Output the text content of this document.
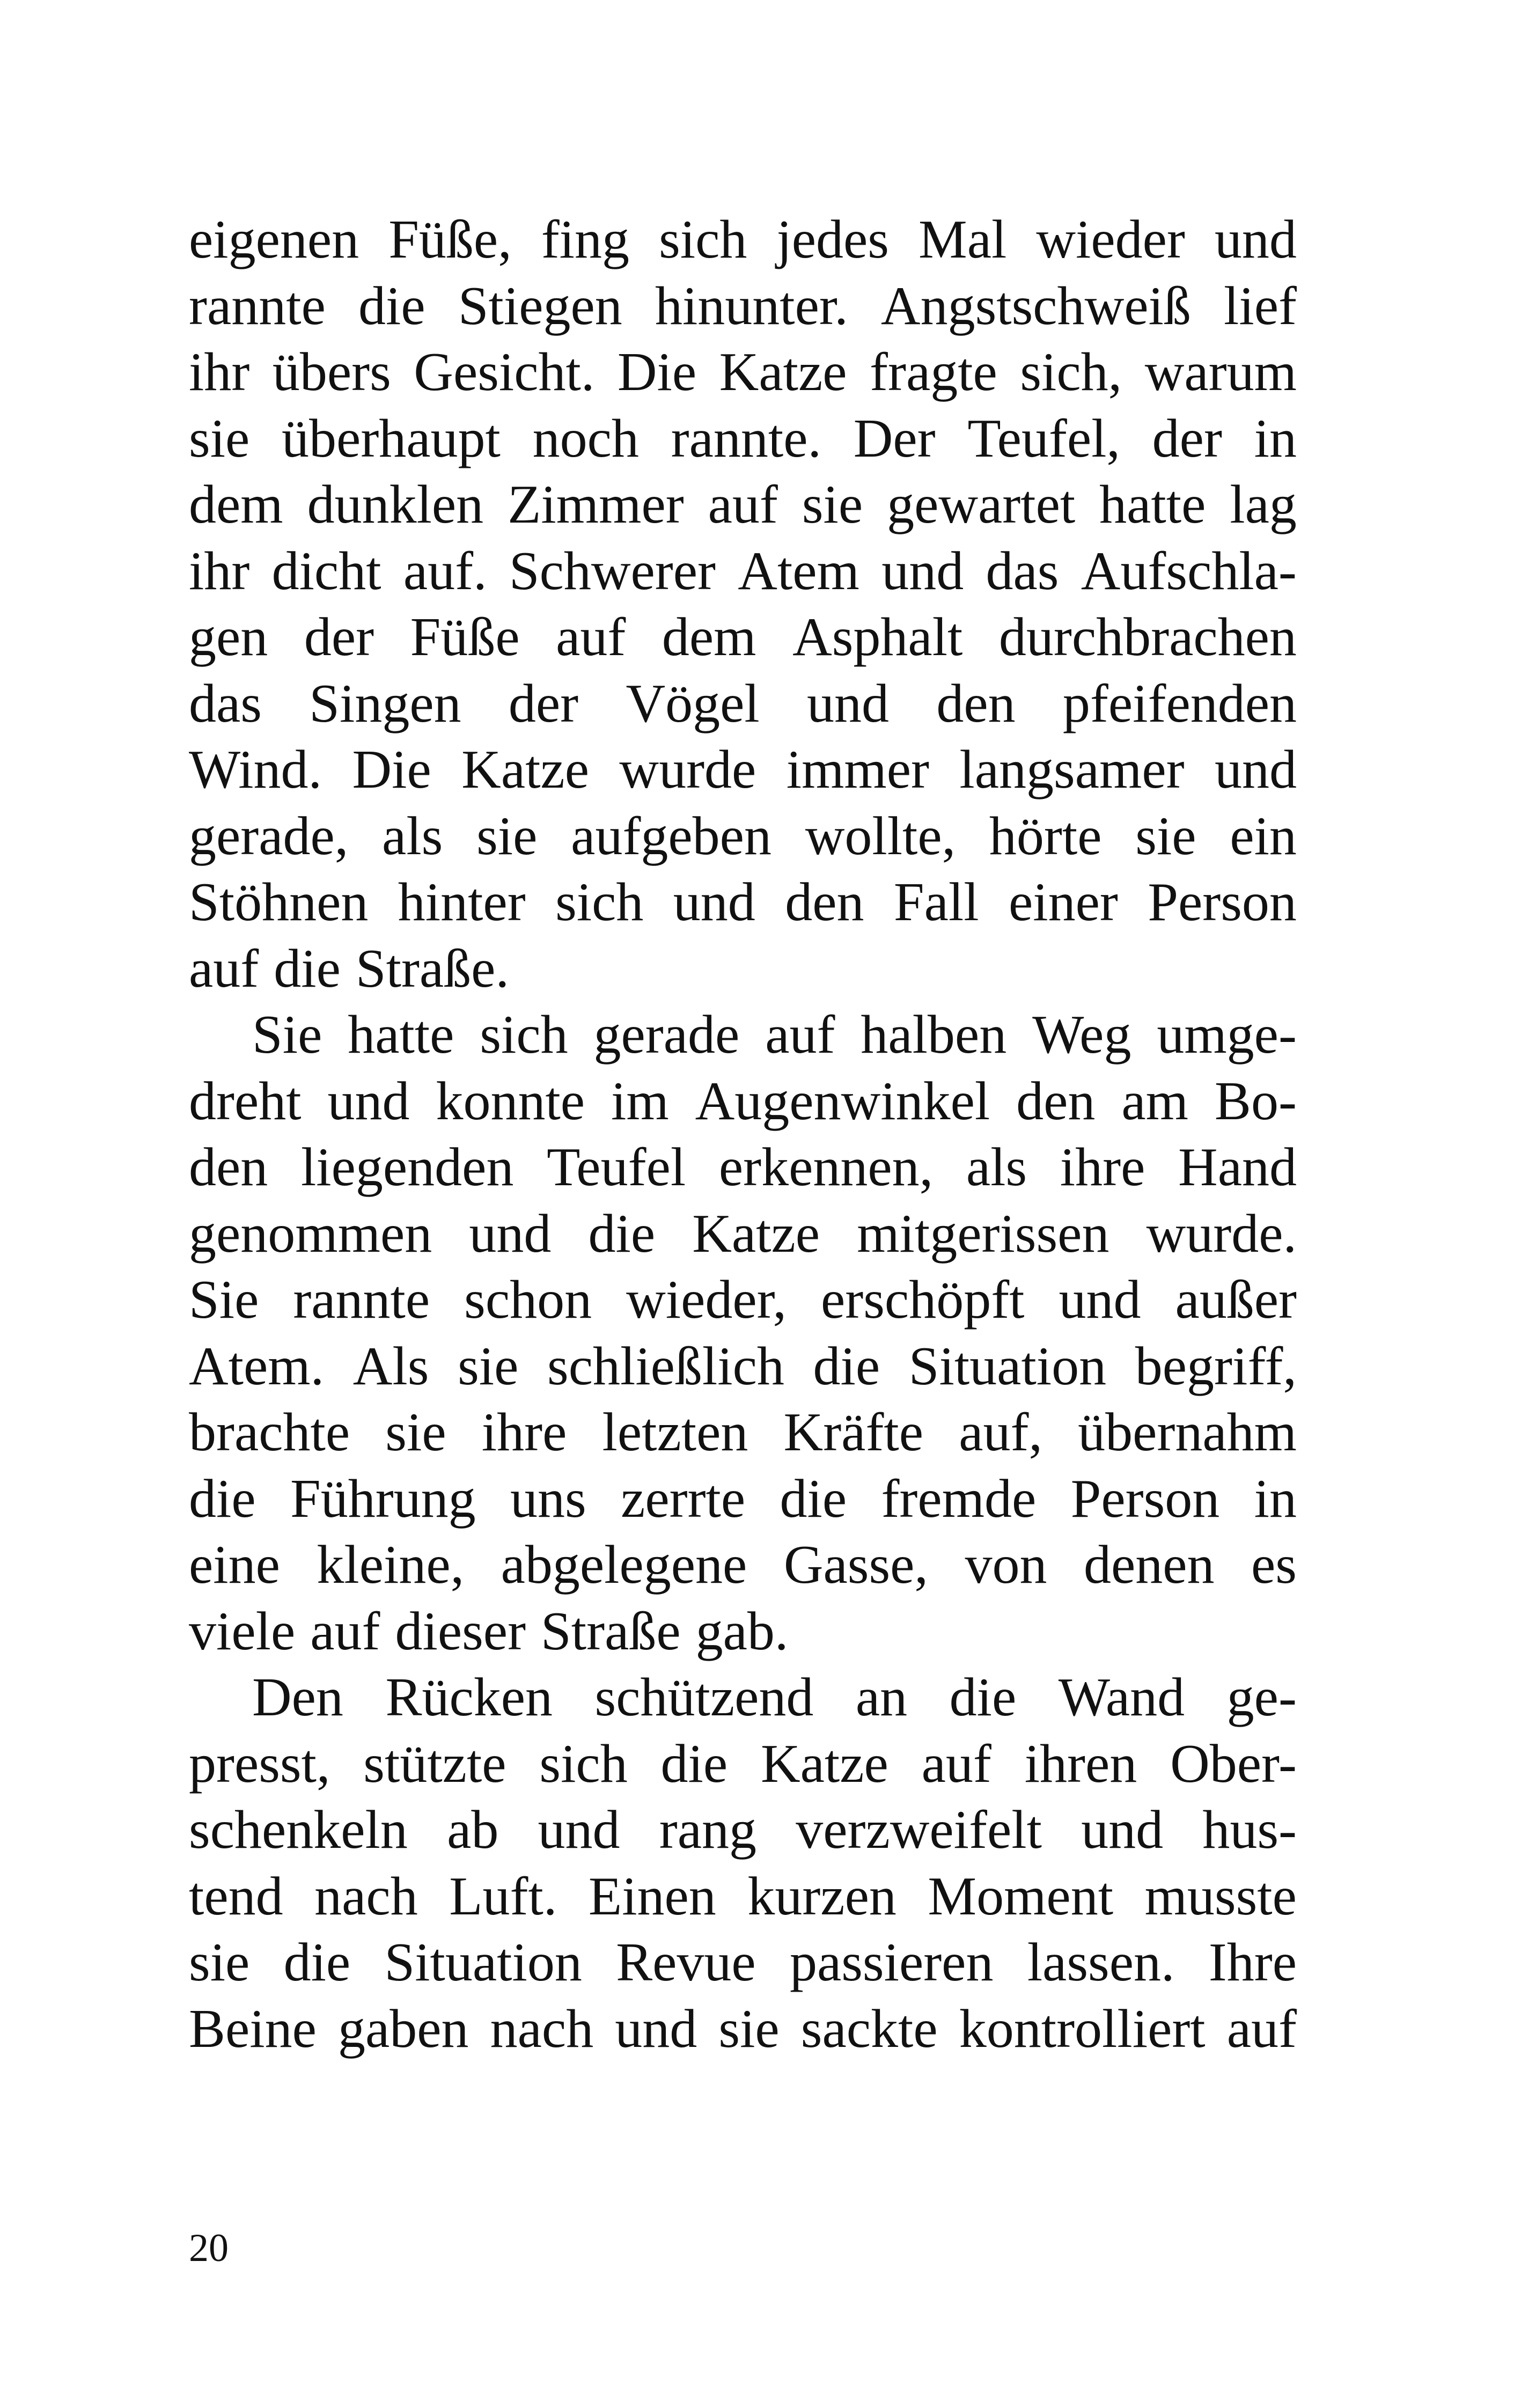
eigenen Füße, fing sich jedes Mal wieder und
rannte die Stiegen hinunter. Angstschweiß lief
ihr übers Gesicht. Die Katze fragte sich, warum
sie überhaupt noch rannte. Der Teufel, der in
dem dunklen Zimmer auf sie gewartet hatte lag
ihr dicht auf. Schwerer Atem und das Aufschla-
gen der Füße auf dem Asphalt durchbrachen
das Singen der Vögel und den pfeifenden
Wind. Die Katze wurde immer langsamer und
gerade, als sie aufgeben wollte, hörte sie ein
Stöhnen hinter sich und den Fall einer Person
auf die Straße.
Sie hatte sich gerade auf halben Weg umge-
dreht und konnte im Augenwinkel den am Bo-
den liegenden Teufel erkennen, als ihre Hand
genommen und die Katze mitgerissen wurde.
Sie rannte schon wieder, erschöpft und außer
Atem. Als sie schließlich die Situation begriff,
brachte sie ihre letzten Kräfte auf, übernahm
die Führung uns zerrte die fremde Person in
eine kleine, abgelegene Gasse, von denen es
viele auf dieser Straße gab.
Den Rücken schützend an die Wand ge-
presst, stützte sich die Katze auf ihren Ober-
schenkeln ab und rang verzweifelt und hus-
tend nach Luft. Einen kurzen Moment musste
sie die Situation Revue passieren lassen. Ihre
Beine gaben nach und sie sackte kontrolliert auf
20
